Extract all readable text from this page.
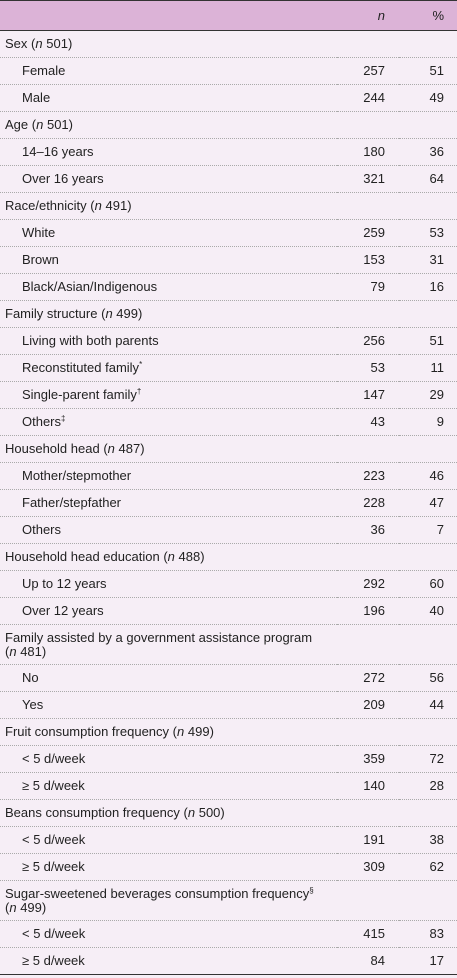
	n	%
Sex (n 501)		
Female	257	51
Male	244	49
Age (n 501)		
14–16 years	180	36
Over 16 years	321	64
Race/ethnicity (n 491)		
White	259	53
Brown	153	31
Black/Asian/Indigenous	79	16
Family structure (n 499)		
Living with both parents	256	51
Reconstituted family*	53	11
Single-parent family†	147	29
Others‡	43	9
Household head (n 487)		
Mother/stepmother	223	46
Father/stepfather	228	47
Others	36	7
Household head education (n 488)		
Up to 12 years	292	60
Over 12 years	196	40
Family assisted by a government assistance program
(n 481)		
No	272	56
Yes	209	44
Fruit consumption frequency (n 499)		
< 5 d/week	359	72
≥ 5 d/week	140	28
Beans consumption frequency (n 500)		
< 5 d/week	191	38
≥ 5 d/week	309	62
Sugar-sweetened beverages consumption frequency§
(n 499)		
< 5 d/week	415	83
≥ 5 d/week	84	17
